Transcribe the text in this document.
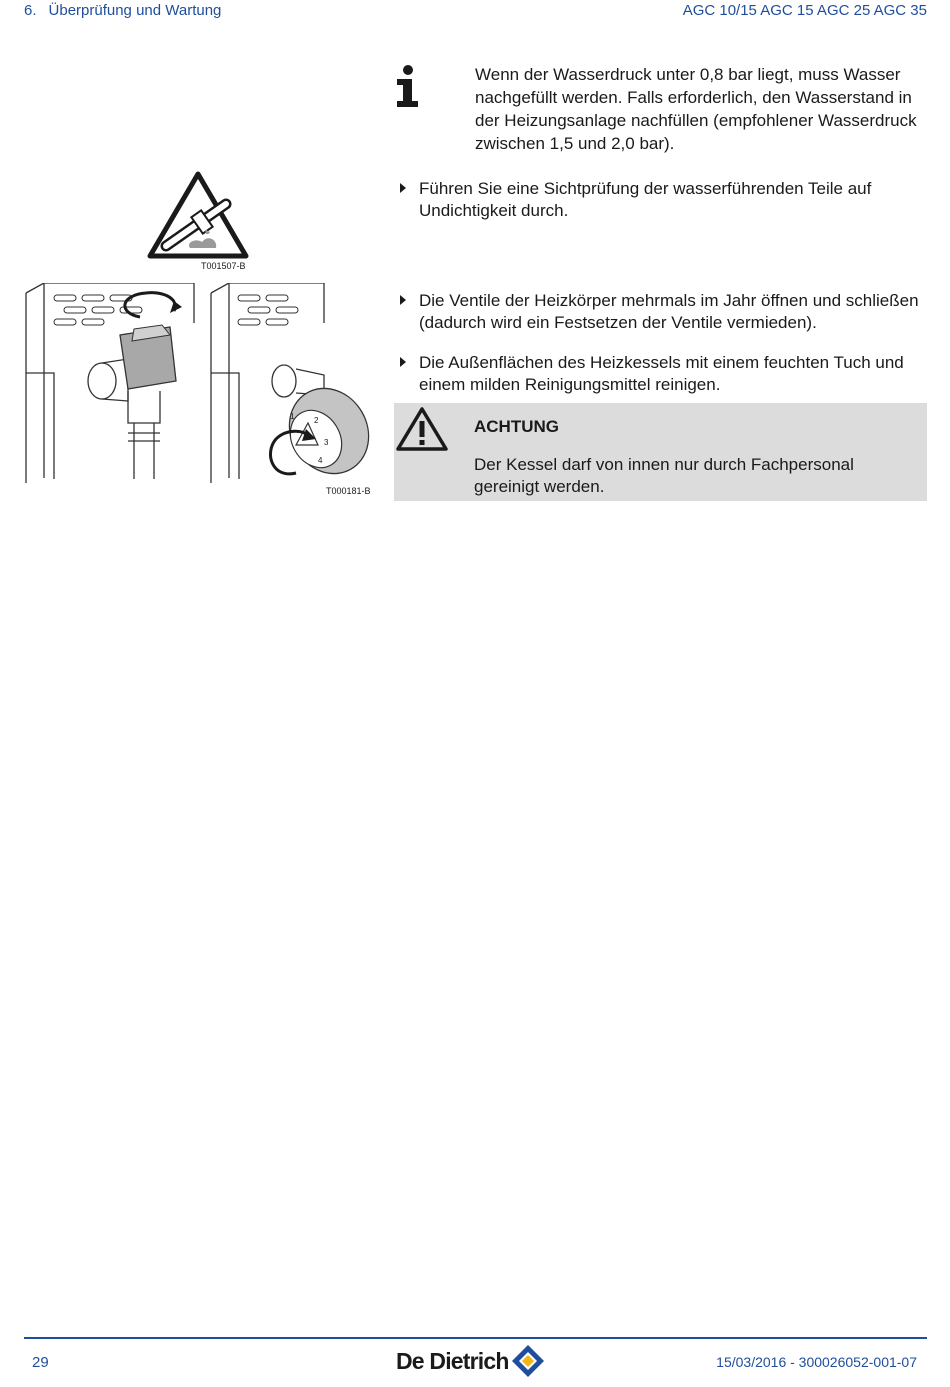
6. Überprüfung und Wartung	AGC 10/15 AGC 15 AGC 25 AGC 35
Wenn der Wasserdruck unter 0,8 bar liegt, muss Wasser nachgefüllt werden. Falls erforderlich, den Wasserstand in der Heizungsanlage nachfüllen (empfohlener Wasserdruck zwischen 1,5 und 2,0 bar).
T001507-B
1 2
3
4
T000181-B
Führen Sie eine Sichtprüfung der wasserführenden Teile auf Undichtigkeit durch.
Die Ventile der Heizkörper mehrmals im Jahr öffnen und schließen (dadurch wird ein Festsetzen der Ventile vermieden).
Die Außenflächen des Heizkessels mit einem feuchten Tuch und einem milden Reinigungsmittel reinigen.
ACHTUNG
Der Kessel darf von innen nur durch Fachpersonal gereinigt werden.
29	De Dietrich	15/03/2016 - 300026052-001-07
